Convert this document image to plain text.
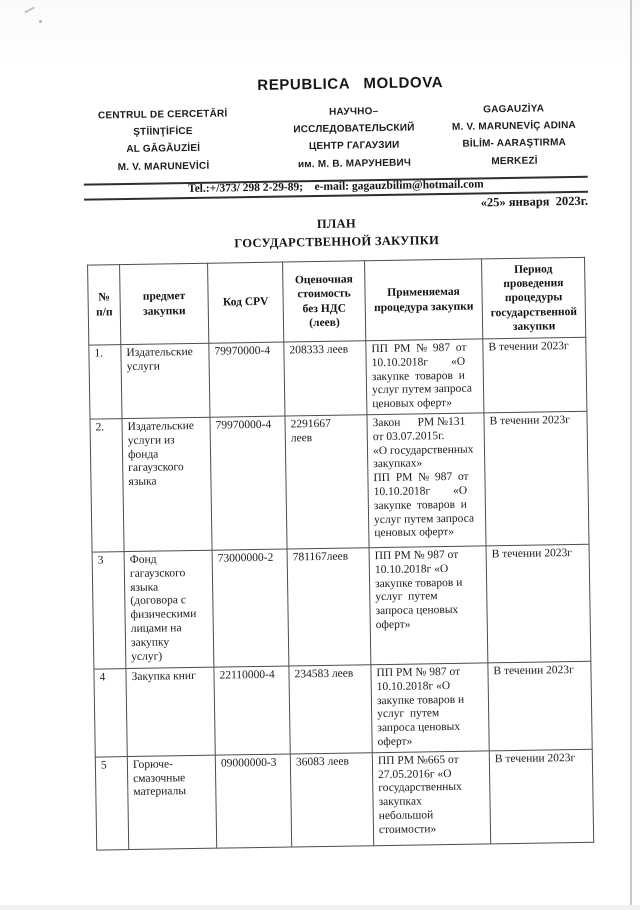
REPUBLICA MOLDOVA
CENTRUL DE CERCETĂRİ
ŞTİİNŢİFİCE
AL GĂGĂUZİEİ
M. V. MARUNEVİCİ
НАУЧНО–
ИССЛЕДОВАТЕЛЬСКИЙ
ЦЕНТР ГАГАУЗИИ
им. М. В. МАРУНЕВИЧ
GAGAUZİYA
M. V. MARUNEVİÇ ADINA
BİLİM- AARAŞTIRMA
MERKEZİ
Tel.:+/373/ 298 2-29-89;    e-mail: gagauzbilim@hotmail.com
«25» января  2023г.
ПЛАН
ГОСУДАРСТВЕННОЙ ЗАКУПКИ
№
п/п	предмет
закупки	Код CPV	Оценочная
стоимость
без НДС
(леев)	Применяемая
процедура закупки	Период
проведения
процедуры
государственной
закупки
1.	Издательские
услуги	79970000-4	208333 леев	ПП  РМ  №  987  от
10.10.2018г        «О
закупке  товаров  и
услуг путем запроса
ценовых оферт»	В течении 2023г
2.	Издательские
услуги из
фонда
гагаузского
языка	79970000-4	2291667
леев	Закон      РМ №131
от 03.07.2015г.
«О государственных
закупках»
ПП  РМ  №  987  от
10.10.2018г        «О
закупке  товаров  и
услуг путем запроса
ценовых оферт»	В течении 2023г
3	Фонд
гагаузского
языка
(договора с
физическими
лицами на
закупку
услуг)	73000000-2	781167леев	ПП РМ № 987 от
10.10.2018г «О
закупке товаров и
услуг  путем
запроса ценовых
оферт»	В течении 2023г
4	Закупка книг	22110000-4	234583 леев	ПП РМ № 987 от
10.10.2018г «О
закупке товаров и
услуг  путем
запроса ценовых
оферт»	В течении 2023г
5	Горюче-
смазочные
материалы	09000000-3	36083 леев	ПП РМ №665 от
27.05.2016г «О
государственных
закупках
небольшой
стоимости»	В течении 2023г
